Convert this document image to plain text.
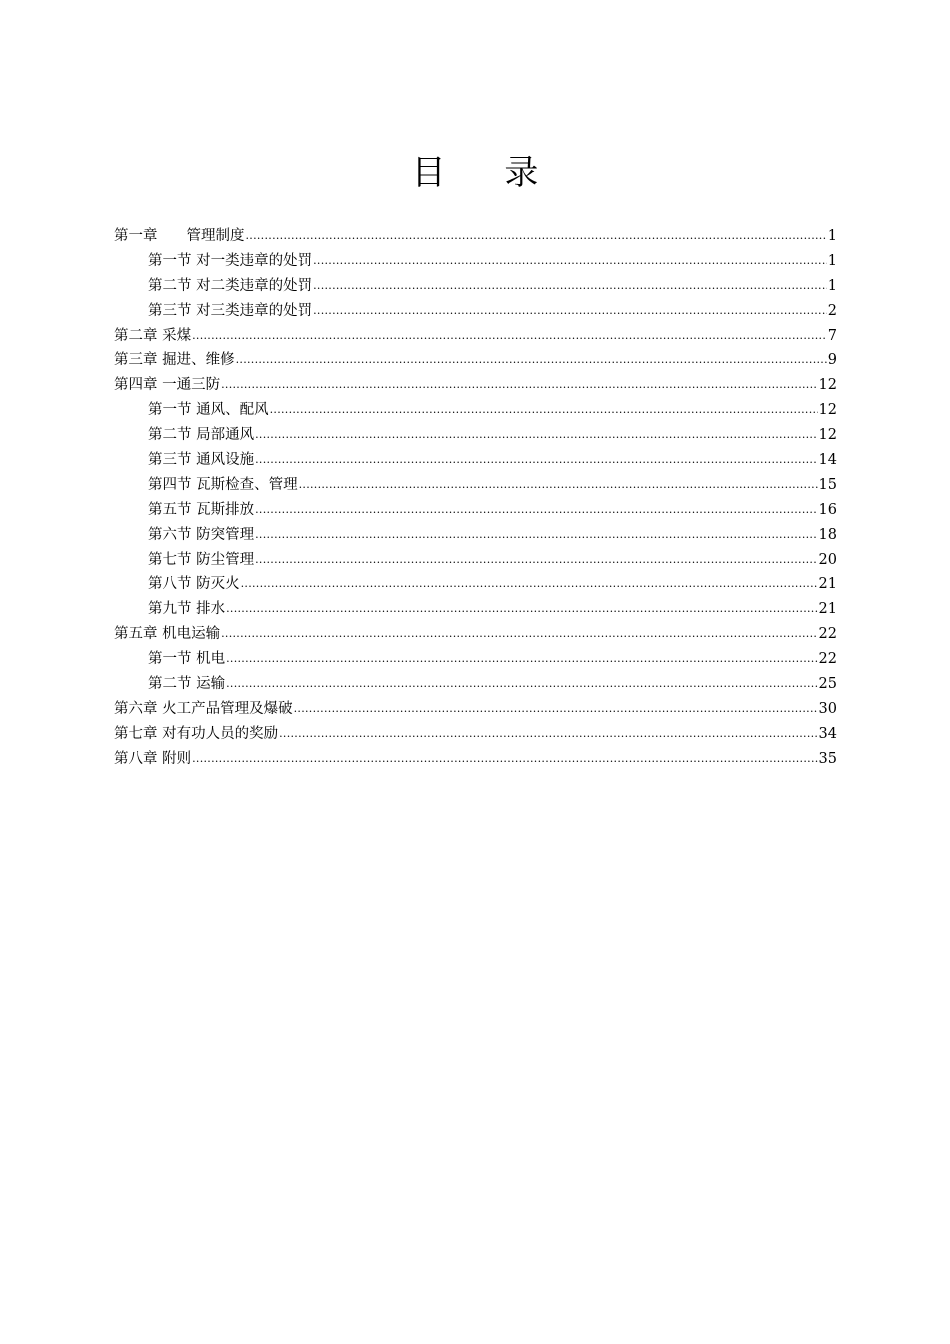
目 录
第一章　　管理制度 .....	1
第一节 对一类违章的处罚 .....	1
第二节 对二类违章的处罚 .....	1
第三节 对三类违章的处罚 .....	2
第二章 采煤 .....	7
第三章 掘进、维修 .....	9
第四章 一通三防 .....	12
第一节 通风、配风 .....	12
第二节 局部通风 .....	12
第三节 通风设施 .....	14
第四节 瓦斯检查、管理 .....	15
第五节 瓦斯排放 .....	16
第六节 防突管理 .....	18
第七节 防尘管理 .....	20
第八节 防灭火 .....	21
第九节 排水 .....	21
第五章 机电运输 .....	22
第一节 机电 .....	22
第二节 运输 .....	25
第六章 火工产品管理及爆破 .....	30
第七章 对有功人员的奖励 .....	34
第八章 附则 .....	35
